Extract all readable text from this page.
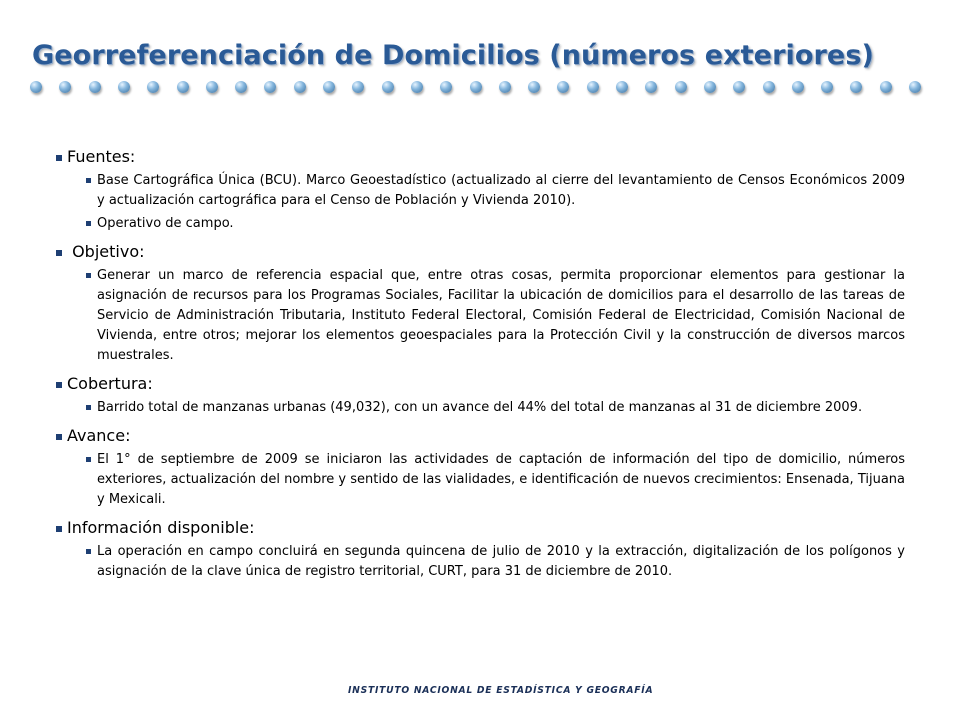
Georreferenciación de Domicilios (números exteriores)
Fuentes:
Base Cartográfica Única (BCU). Marco Geoestadístico (actualizado al cierre del levantamiento de Censos Económicos 2009 y actualización cartográfica para el Censo de Población y Vivienda 2010).
Operativo de campo.
Objetivo:
Generar un marco de referencia espacial que, entre otras cosas, permita proporcionar elementos para gestionar la asignación de recursos para los Programas Sociales, Facilitar la ubicación de domicilios para el desarrollo de las tareas de Servicio de Administración Tributaria, Instituto Federal Electoral, Comisión Federal de Electricidad, Comisión Nacional de Vivienda, entre otros; mejorar los elementos geoespaciales para la Protección Civil y la construcción de diversos marcos muestrales.
Cobertura:
Barrido total de manzanas urbanas (49,032), con un avance del 44% del total de manzanas al 31 de diciembre 2009.
Avance:
El 1° de septiembre de 2009 se iniciaron las actividades de captación de información del tipo de domicilio, números exteriores, actualización del nombre y sentido de las vialidades, e identificación de nuevos crecimientos: Ensenada, Tijuana y Mexicali.
Información disponible:
La operación en campo concluirá en segunda quincena de julio de 2010 y la extracción, digitalización de los polígonos y asignación de la clave única de registro territorial, CURT, para 31 de diciembre de 2010.
INSTITUTO NACIONAL DE ESTADÍSTICA Y GEOGRAFÍA
